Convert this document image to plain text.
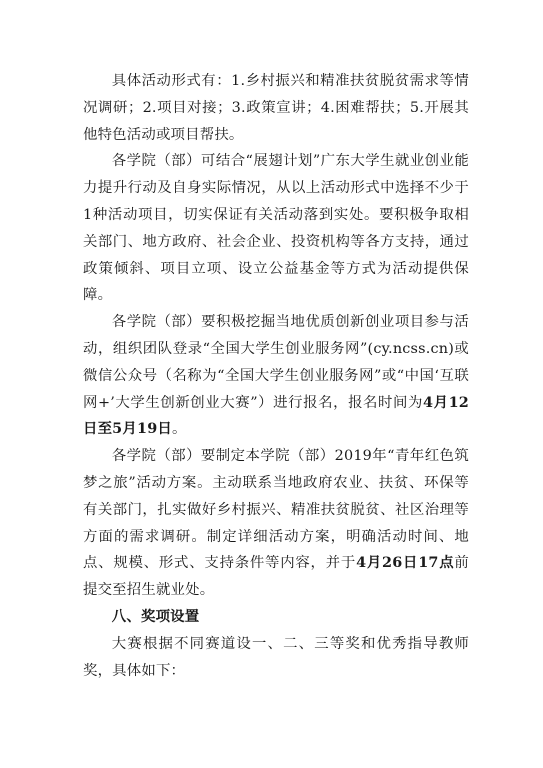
具体活动形式有：1.乡村振兴和精准扶贫脱贫需求等情况调研；2.项目对接；3.政策宣讲；4.困难帮扶；5.开展其他特色活动或项目帮扶。

各学院（部）可结合“展翅计划”广东大学生就业创业能力提升行动及自身实际情况，从以上活动形式中选择不少于1种活动项目，切实保证有关活动落到实处。要积极争取相关部门、地方政府、社会企业、投资机构等各方支持，通过政策倾斜、项目立项、设立公益基金等方式为活动提供保障。

各学院（部）要积极挖掘当地优质创新创业项目参与活动，组织团队登录“全国大学生创业服务网”(cy.ncss.cn)或微信公众号（名称为“全国大学生创业服务网”或“中国‘互联网+’大学生创新创业大赛”）进行报名，报名时间为4月12日至5月19日。

各学院（部）要制定本学院（部）2019年“青年红色筑梦之旅”活动方案。主动联系当地政府农业、扶贫、环保等有关部门，扎实做好乡村振兴、精准扶贫脱贫、社区治理等方面的需求调研。制定详细活动方案，明确活动时间、地点、规模、形式、支持条件等内容，并于4月26日17点前提交至招生就业处。

八、奖项设置

大赛根据不同赛道设一、二、三等奖和优秀指导教师奖，具体如下：
